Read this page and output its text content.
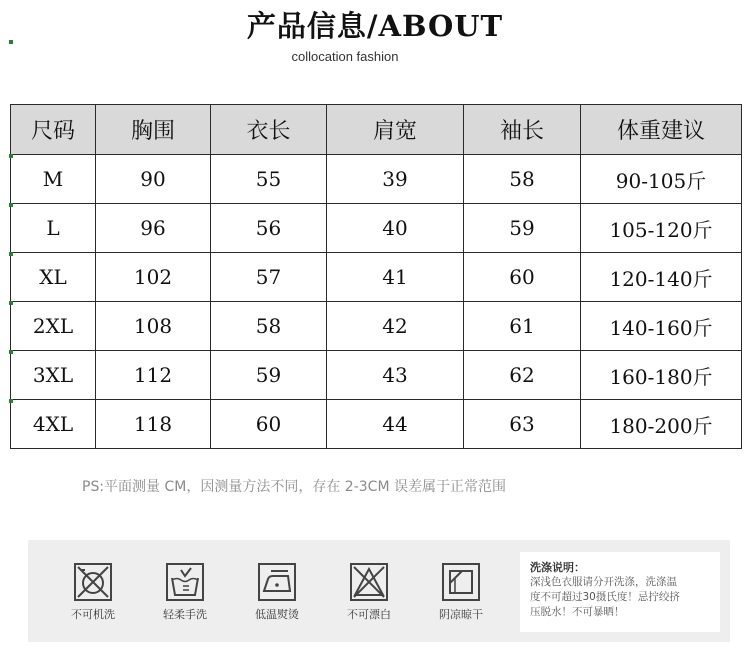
产品信息/ABOUT
collocation fashion
尺码	胸围	衣长	肩宽	袖长	体重建议
M	90	55	39	58	90-105斤
L	96	56	40	59	105-120斤
XL	102	57	41	60	120-140斤
2XL	108	58	42	61	140-160斤
3XL	112	59	43	62	160-180斤
4XL	118	60	44	63	180-200斤
PS:平面测量 CM，因测量方法不同，存在 2-3CM 误差属于正常范围
不可机洗	轻柔手洗	低温熨烫	不可漂白	阴凉晾干
洗涤说明：
深浅色衣服请分开洗涤，洗涤温
度不可超过30摄氏度！忌拧绞挤
压脱水！不可暴晒！
